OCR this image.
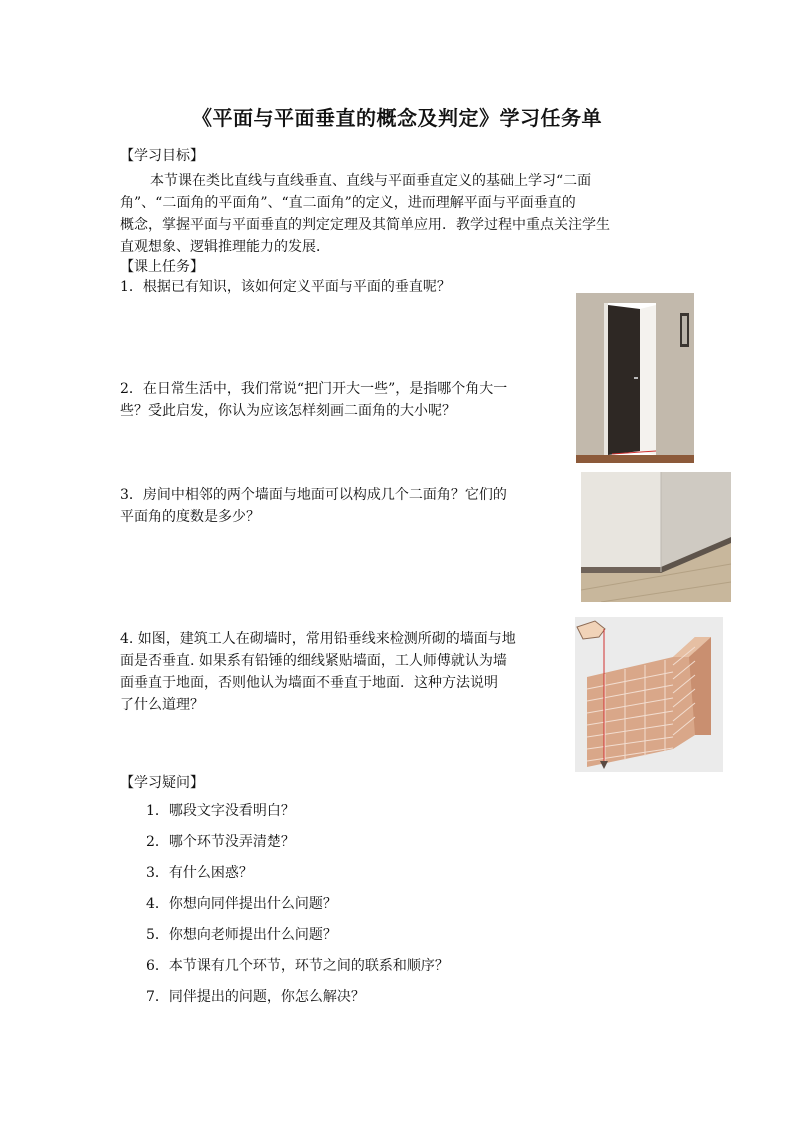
《平面与平面垂直的概念及判定》学习任务单
【学习目标】
本节课在类比直线与直线垂直、直线与平面垂直定义的基础上学习“二面
角”、“二面角的平面角”、“直二面角”的定义，进而理解平面与平面垂直的
概念，掌握平面与平面垂直的判定定理及其简单应用．教学过程中重点关注学生
直观想象、逻辑推理能力的发展．
【课上任务】
1．根据已有知识，该如何定义平面与平面的垂直呢？
2．在日常生活中，我们常说“把门开大一些”，是指哪个角大一
些？受此启发，你认为应该怎样刻画二面角的大小呢？
3．房间中相邻的两个墙面与地面可以构成几个二面角？它们的
平面角的度数是多少？
4. 如图，建筑工人在砌墙时，常用铅垂线来检测所砌的墙面与地
面是否垂直. 如果系有铅锤的细线紧贴墙面，工人师傅就认为墙
面垂直于地面，否则他认为墙面不垂直于地面．这种方法说明
了什么道理？
【学习疑问】
1．哪段文字没看明白？
2．哪个环节没弄清楚？
3．有什么困惑？
4．你想向同伴提出什么问题？
5．你想向老师提出什么问题？
6．本节课有几个环节，环节之间的联系和顺序？
7．同伴提出的问题，你怎么解决？
